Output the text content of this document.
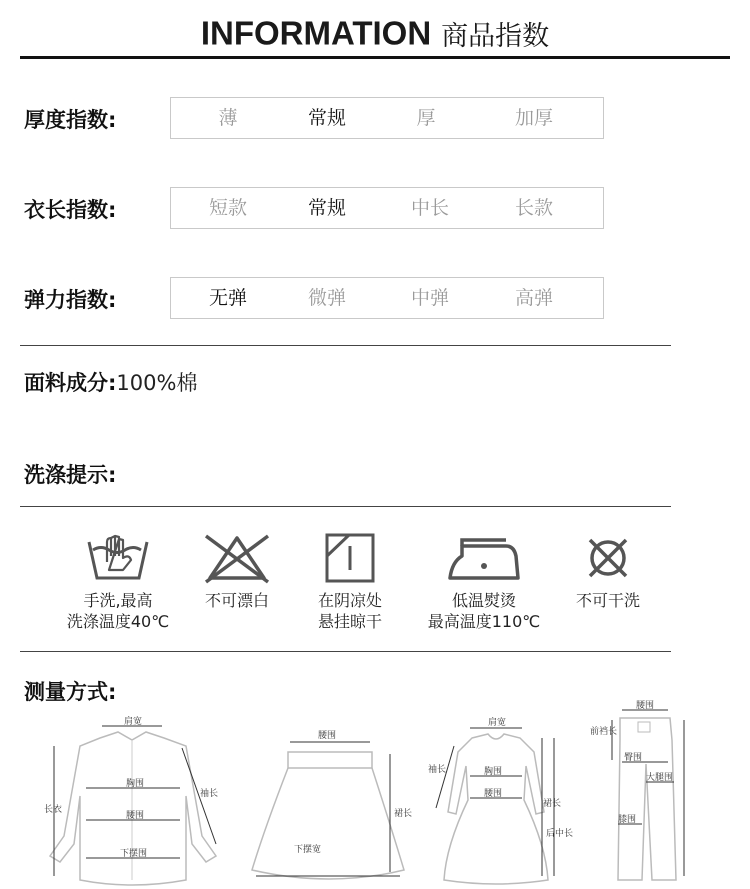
INFORMATION 商品指数
厚度指数:	薄	常规	厚	加厚
衣长指数:	短款	常规	中长	长款
弹力指数:	无弹	微弹	中弹	高弹
面料成分:100%棉
洗涤提示:
手洗,最高
洗涤温度40℃
不可漂白	在阴凉处
悬挂晾干
低温熨烫
最高温度110℃
不可干洗
测量方式:
肩宽
胸围
腰围
下摆围
长衣
袖长
腰围
下摆宽
裙长
肩宽
胸围
腰围
袖长
裙长
后中长
腰围
前裆长
臀围
大腿围
膝围
